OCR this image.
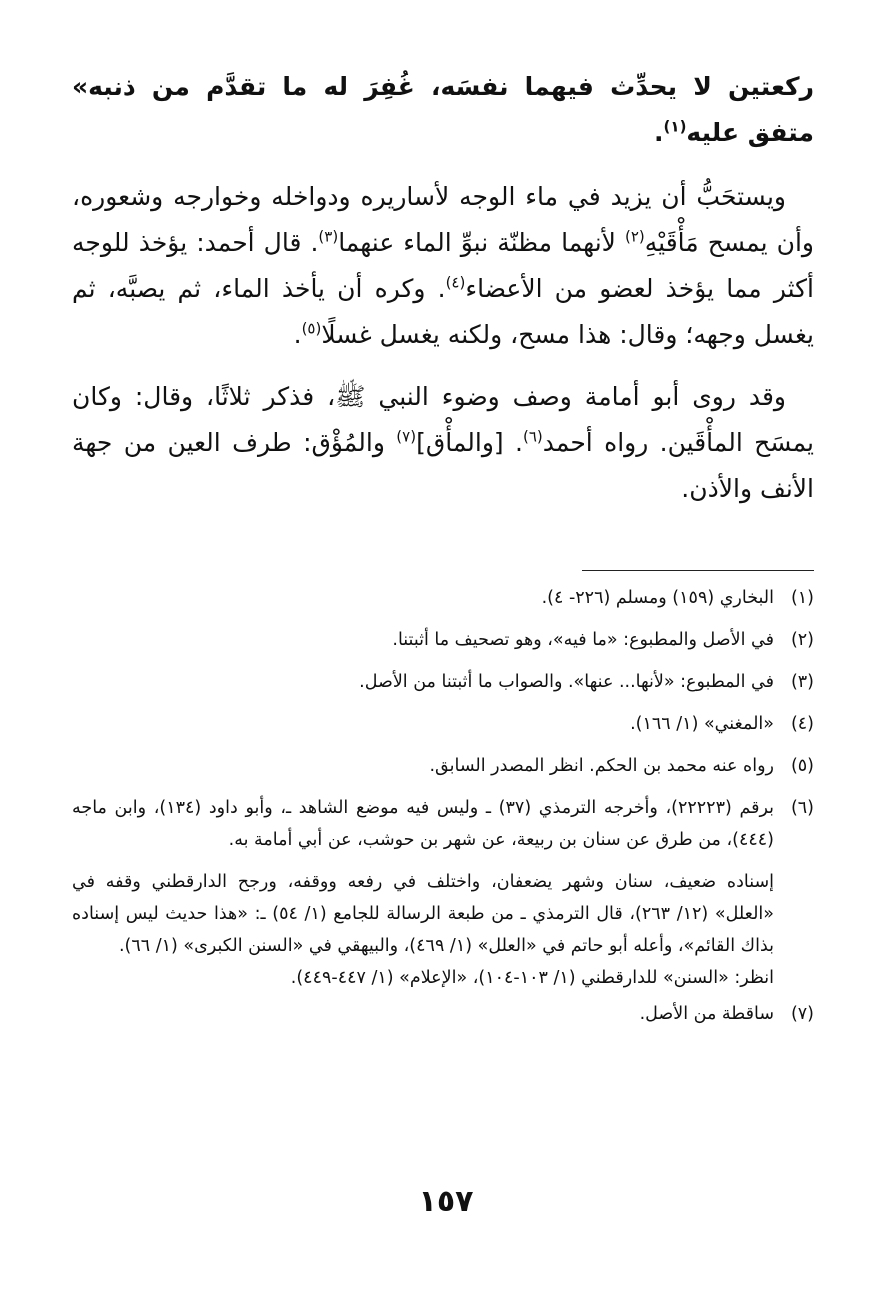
ركعتين لا يحدِّث فيهما نفسَه، غُفِرَ له ما تقدَّم من ذنبه» متفق عليه$^{(١)}$.

ويستحَبُّ أن يزيد في ماء الوجه لأساريره ودواخله وخوارجه وشعوره، وأن يمسح مَأْقَيْهِ$^{(٢)}$ لأنهما مظنّة نبوِّ الماء عنهما$^{(٣)}$. قال أحمد: يؤخذ للوجه أكثر مما يؤخذ لعضو من الأعضاء$^{(٤)}$. وكره أن يأخذ الماء، ثم يصبَّه، ثم يغسل وجهه؛ وقال: هذا مسح، ولكنه يغسل غسلًا$^{(٥)}$.

وقد روى أبو أمامة وصف وضوء النبي ﷺ، فذكر ثلاثًا، وقال: وكان يمسَح المأْقَين. رواه أحمد$^{(٦)}$. [والمأْق]$^{(٧)}$ والمُؤْق: طرف العين من جهة الأنف والأذن.

(١)
البخاري (١٥٩) ومسلم (٢٢٦- ٤).
(٢)
في الأصل والمطبوع: «ما فيه»، وهو تصحيف ما أثبتنا.
(٣)
في المطبوع: «لأنها... عنها». والصواب ما أثبتنا من الأصل.
(٤)
«المغني» (١/ ١٦٦).
(٥)
رواه عنه محمد بن الحكم. انظر المصدر السابق.
(٦)
برقم (٢٢٢٢٣)، وأخرجه الترمذي (٣٧) ـ وليس فيه موضع الشاهد ـ، وأبو داود (١٣٤)، وابن ماجه (٤٤٤)، من طرق عن سنان بن ربيعة، عن شهر بن حوشب، عن أبي أمامة به.

إسناده ضعيف، سنان وشهر يضعفان، واختلف في رفعه ووقفه، ورجح الدارقطني وقفه في «العلل» (١٢/ ٢٦٣)، قال الترمذي ـ من طبعة الرسالة للجامع (١/ ٥٤) ـ: «هذا حديث ليس إسناده بذاك القائم»، وأعله أبو حاتم في «العلل» (١/ ٤٦٩)، والبيهقي في «السنن الكبرى» (١/ ٦٦).

انظر: «السنن» للدارقطني (١/ ١٠٣-١٠٤)، «الإعلام» (١/ ٤٤٧-٤٤٩).

(٧)
ساقطة من الأصل.
١٥٧
